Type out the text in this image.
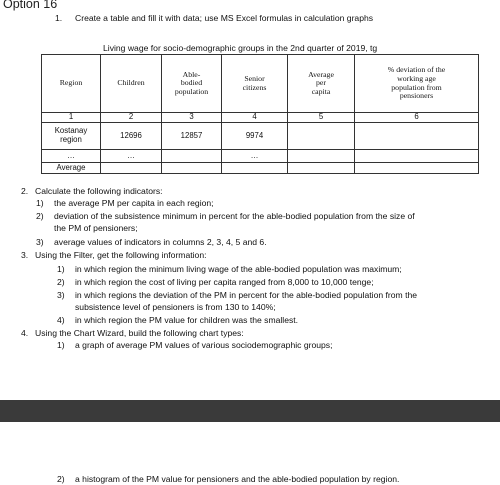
Option 16
1. Create a table and fill it with data; use MS Excel formulas in calculation graphs
Living wage for socio-demographic groups in the 2nd quarter of 2019, tg
Region	Children	Able-
bodied
population	Senior
citizens	Average
per
capita	% deviation of the
working age
population from
pensioners
1	2	3	4	5	6
Kostanay
region	12696	12857	9974		
…	…		…		
Average					
2. Calculate the following indicators:
1) the average PM per capita in each region;
2) deviation of the subsistence minimum in percent for the able-bodied population from the size of
the PM of pensioners;
3) average values of indicators in columns 2, 3, 4, 5 and 6.
3. Using the Filter, get the following information:
1) in which region the minimum living wage of the able-bodied population was maximum;
2) in which region the cost of living per capita ranged from 8,000 to 10,000 tenge;
3) in which regions the deviation of the PM in percent for the able-bodied population from the
subsistence level of pensioners is from 130 to 140%;
4) in which region the PM value for children was the smallest.
4. Using the Chart Wizard, build the following chart types:
1) a graph of average PM values of various sociodemographic groups;
2) a histogram of the PM value for pensioners and the able-bodied population by region.
